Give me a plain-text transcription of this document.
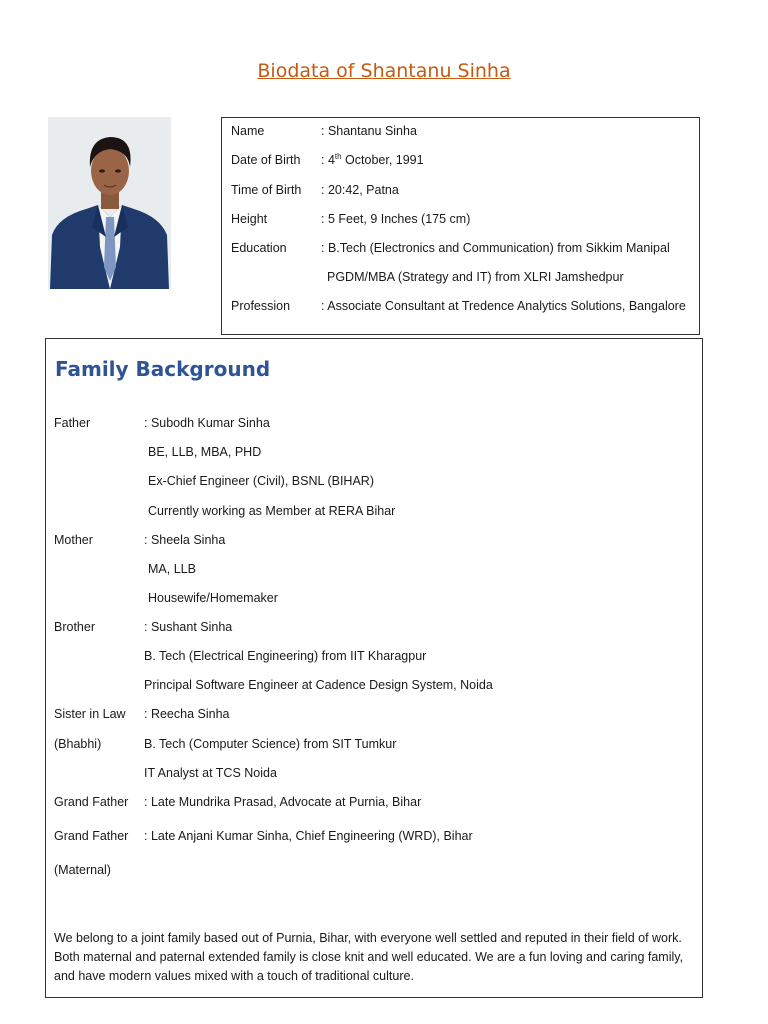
Biodata of Shantanu Sinha
Name	: Shantanu Sinha
Date of Birth : 4th October, 1991
Time of Birth : 20:42, Patna
Height	: 5 Feet, 9 Inches (175 cm)
Education	: B.Tech (Electronics and Communication) from Sikkim Manipal
PGDM/MBA (Strategy and IT) from XLRI Jamshedpur
Profession : Associate Consultant at Tredence Analytics Solutions, Bangalore
Family Background
Father	: Subodh Kumar Sinha
BE, LLB, MBA, PHD
Ex-Chief Engineer (Civil), BSNL (BIHAR)
Currently working as Member at RERA Bihar
Mother	: Sheela Sinha
MA, LLB
Housewife/Homemaker
Brother	: Sushant Sinha
B. Tech (Electrical Engineering) from IIT Kharagpur
Principal Software Engineer at Cadence Design System, Noida
Sister in Law : Reecha Sinha
(Bhabhi)	B. Tech (Computer Science) from SIT Tumkur
IT Analyst at TCS Noida
Grand Father : Late Mundrika Prasad, Advocate at Purnia, Bihar
Grand Father : Late Anjani Kumar Sinha, Chief Engineering (WRD), Bihar
(Maternal)
We belong to a joint family based out of Purnia, Bihar, with everyone well settled and reputed in their field of work. Both maternal and paternal extended family is close knit and well educated. We are a fun loving and caring family, and have modern values mixed with a touch of traditional culture.
